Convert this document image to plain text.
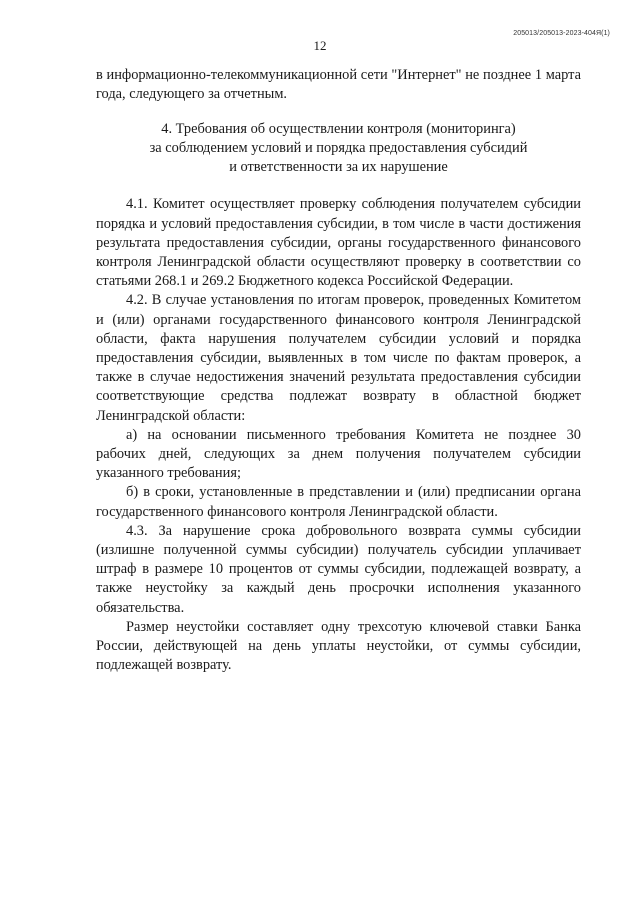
205013/205013-2023-404Я(1)
12

в информационно-телекоммуникационной сети "Интернет" не позднее 1 марта года, следующего за отчетным.

4. Требования об осуществлении контроля (мониторинга)
за соблюдением условий и порядка предоставления субсидий
и ответственности за их нарушение

4.1. Комитет осуществляет проверку соблюдения получателем субсидии порядка и условий предоставления субсидии, в том числе в части достижения результата предоставления субсидии, органы государственного финансового контроля Ленинградской области осуществляют проверку в соответствии со статьями 268.1 и 269.2 Бюджетного кодекса Российской Федерации.

4.2. В случае установления по итогам проверок, проведенных Комитетом и (или) органами государственного финансового контроля Ленинградской области, факта нарушения получателем субсидии условий и порядка предоставления субсидии, выявленных в том числе по фактам проверок, а также в случае недостижения значений результата предоставления субсидии соответствующие средства подлежат возврату в областной бюджет Ленинградской области:

а) на основании письменного требования Комитета не позднее 30 рабочих дней, следующих за днем получения получателем субсидии указанного требования;

б) в сроки, установленные в представлении и (или) предписании органа государственного финансового контроля Ленинградской области.

4.3. За нарушение срока добровольного возврата суммы субсидии (излишне полученной суммы субсидии) получатель субсидии уплачивает штраф в размере 10 процентов от суммы субсидии, подлежащей возврату, а также неустойку за каждый день просрочки исполнения указанного обязательства.

Размер неустойки составляет одну трехсотую ключевой ставки Банка России, действующей на день уплаты неустойки, от суммы субсидии, подлежащей возврату.
